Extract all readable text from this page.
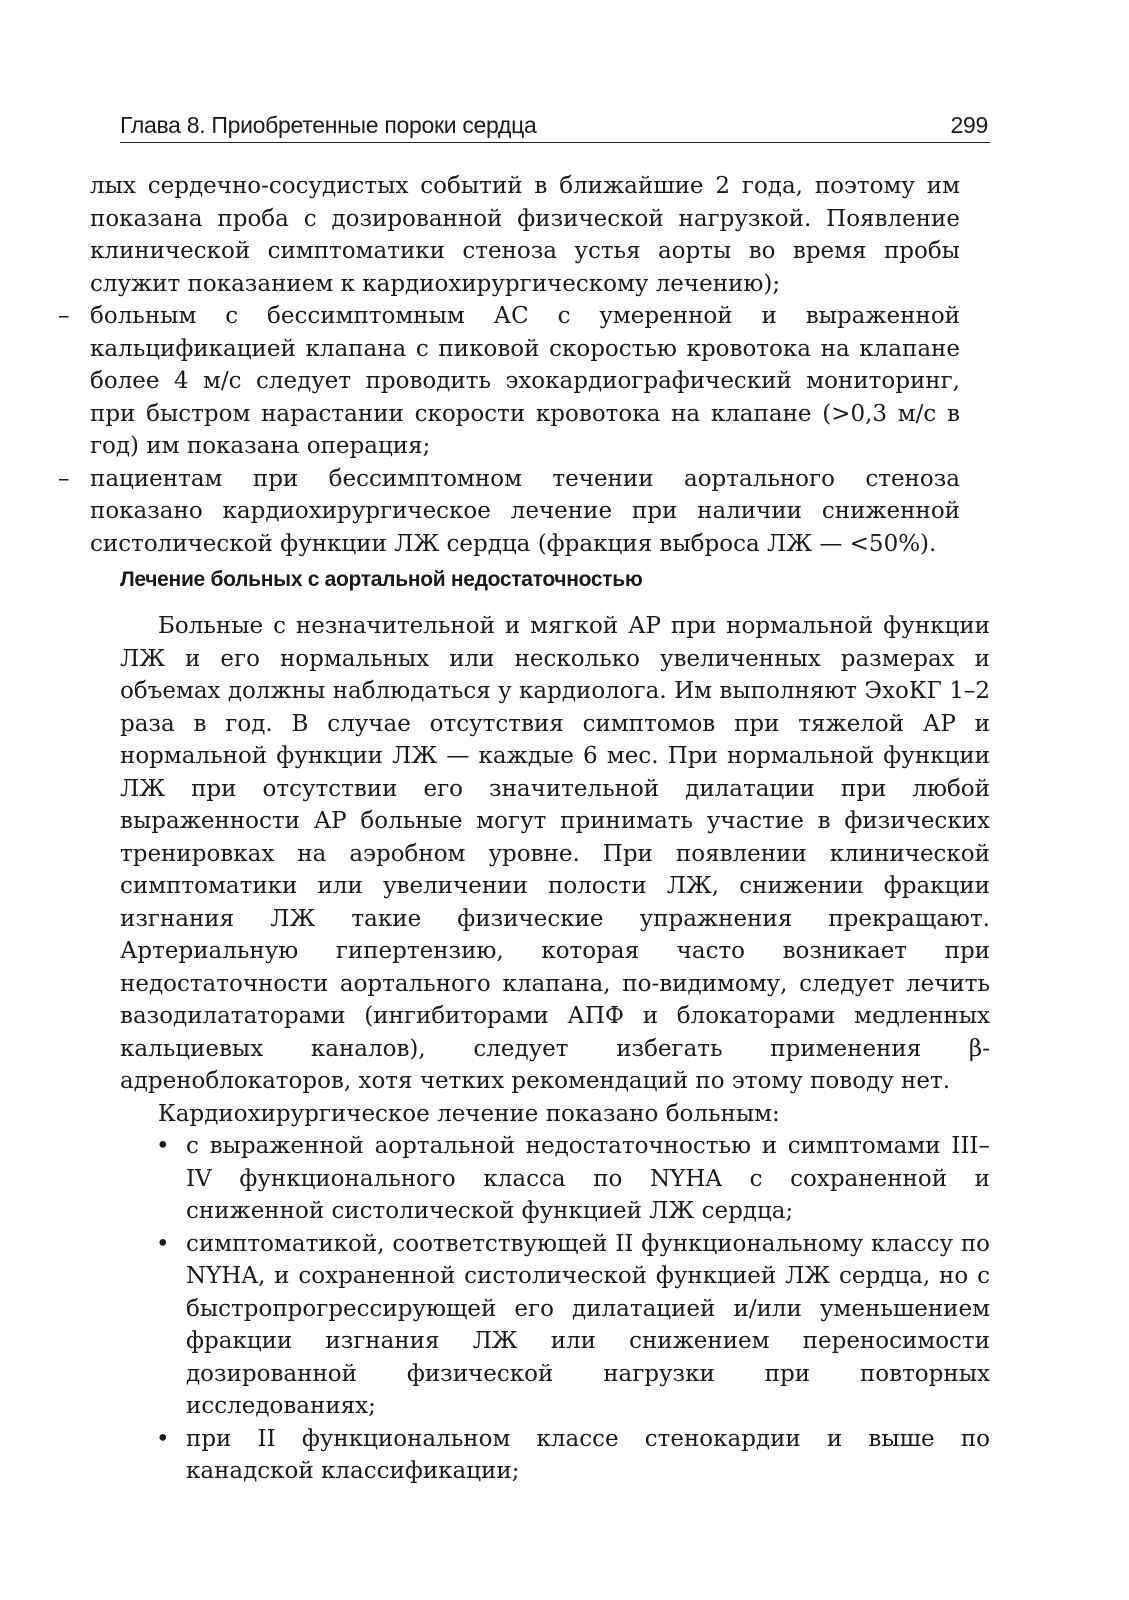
Глава 8. Приобретенные пороки сердца	299

лых сердечно-сосудистых событий в ближайшие 2 года, поэтому им показана проба с дозированной физической нагрузкой. Появление клинической симптоматики стеноза устья аорты во время пробы служит показанием к кардиохирургическому лечению);

– больным с бессимптомным АС с умеренной и выраженной кальцификацией клапана с пиковой скоростью кровотока на клапане более 4 м/с следует проводить эхокардиографический мониторинг, при быстром нарастании скорости кровотока на клапане (>0,3 м/с в год) им показана операция;

– пациентам при бессимптомном течении аортального стеноза показано кардиохирургическое лечение при наличии сниженной систолической функции ЛЖ сердца (фракция выброса ЛЖ — <50%).

Лечение больных с аортальной недостаточностью

Больные с незначительной и мягкой АР при нормальной функции ЛЖ и его нормальных или несколько увеличенных размерах и объемах должны наблюдаться у кардиолога. Им выполняют ЭхоКГ 1–2 раза в год. В случае отсутствия симптомов при тяжелой АР и нормальной функции ЛЖ — каждые 6 мес. При нормальной функции ЛЖ при отсутствии его значительной дилатации при любой выраженности АР больные могут принимать участие в физических тренировках на аэробном уровне. При появлении клинической симптоматики или увеличении полости ЛЖ, снижении фракции изгнания ЛЖ такие физические упражнения прекращают. Артериальную гипертензию, которая часто возникает при недостаточности аортального клапана, по-видимому, следует лечить вазодилататорами (ингибиторами АПФ и блокаторами медленных кальциевых каналов), следует избегать применения β-адреноблокаторов, хотя четких рекомендаций по этому поводу нет.

Кардиохирургическое лечение показано больным:

• с выраженной аортальной недостаточностью и симптомами III–IV функционального класса по NYHA с сохраненной и сниженной систолической функцией ЛЖ сердца;
• симптоматикой, соответствующей II функциональному классу по NYHA, и сохраненной систолической функцией ЛЖ сердца, но с быстропрогрессирующей его дилатацией и/или уменьшением фракции изгнания ЛЖ или снижением переносимости дозированной физической нагрузки при повторных исследованиях;
• при II функциональном классе стенокардии и выше по канадской классификации;
